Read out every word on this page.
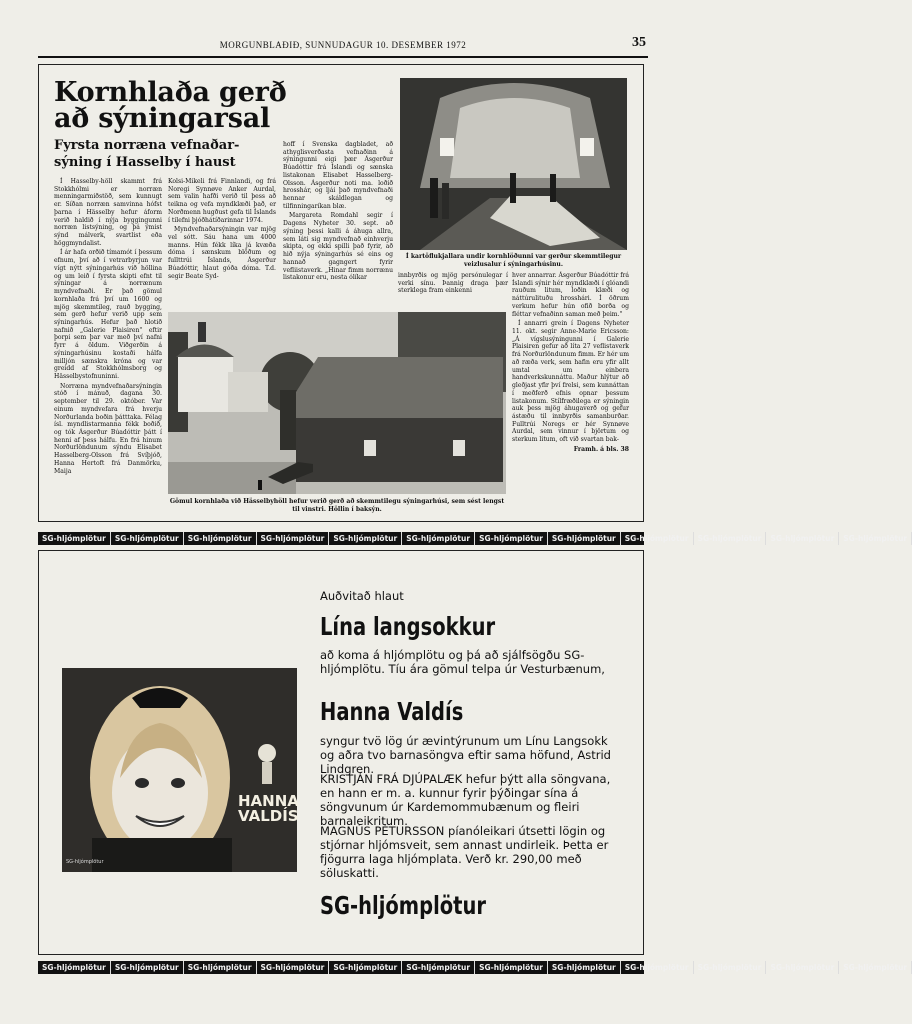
MORGUNBLAÐIÐ, SUNNUDAGUR 10. DESEMBER 1972	35
Kornhlaða gerð
að sýningarsal
Fyrsta norræna vefnaðar-sýning í Hasselby í haust

Í Hasselby-höll skammt frá Stokkhólmi er norræn menningarmiðstöð, sem kunnugt er. Síðan norræn samvinna hófst þarna í Hässelby hefur áform verið haldið í nýja byggingunni norræn listsýning, og þá ýmist sýnd málverk, svartlist eða höggmyndalist.

Í ár hafa orðið tímamót í þessum efnum, því að í vetrarbyrjun var vígt nýtt sýningarhús við höllina og um leið í fyrsta skipti efnt til sýningar á norrænum myndvefnaði. Er það gömul kornhlaða frá því um 1600 og mjög skemmtileg, rauð bygging, sem gerð hefur verið upp sem sýningarhús. Hefur það hlotið nafnið „Galerie Plaisiren" eftir þorpi sem þar var með því nafni fyrr á öldum. Viðgerðin á sýningarhúsinu kostaði hálfa milljón sænskra króna og var greidd af Stokkhólmsborg og Hässelbystofnuninni.

Norræna myndvefnaðarsýningin stóð í mánuð, dagana 30. september til 29. október. Var einum myndvefara frá hverju Norðurlanda boðin þátttaka. Félag ísl. myndlistarmanna fékk boðið, og tók Ásgerður Búadóttir þátt í henni af þess hálfu. En frá hinum Norðurlöndunum sýndu Elisabet Hasselberg-Olsson frá Svíþjóð, Hanna Hertoft frá Danmörku, Maija

Kolsi-Mikeli frá Finnlandi, og frá Noregi Synnøve Anker Aurdal, sem valin hafði verið til þess að teikna og vefa myndklæði það, er Norðmenn hugðust gefa til Íslands í tilefni þjóðhátíðarinnar 1974.

Myndvefnaðarsýningin var mjög vel sótt. Sáu hana um 4000 manns. Hún fékk líka já kvæða dóma í sænskum blöðum og fullttrúi Íslands, Ásgerður Búadóttir, hlaut góða dóma. T.d. segir Beate Syd-

hoff í Svenska dagbladet, að athyglisverðasta vefnaðinn á sýningunni eigi þær Ásgerður Búadóttir frá Íslandi og sænska listakonan Elisabet Hasselberg-Olsson. Ásgerður noti ma. loðið hrosshár, og ljái það myndvefnaði hennar skáldlegan og tilfinningaríkan blæ.

Margareta Romdahl segir í Dagens Nyheter 30. sept. að sýning þessi kalli á áhuga allra, sem láti sig myndvefnað einhverju skipta, og ekki spilli það fyrir, að hið nýja sýningarhús sé eins og hannað gagngert fyrir vefliistaverk. „Hinar fimm norrænu listakonur eru, nesta ólíkar	innbyrðis og mjög persónulegar í verki sínu. Þannig draga þær sterklega fram einkenni

hver annarrar. Ásgerður Búadóttir frá Íslandi sýnir hér myndklæði í glóandi rauðum litum, loðin klæði og náttúrulituðu hrosshári. Í öðrum verkum hefur hún ofið borða og fléttar vefnaðinn saman með þeim."

Í annarri grein í Dagens Nyheter 11. okt. segir Anne-Marie Ericsson: „Á vígslusýningunni í Galerie Plaisiren gefur að líta 27 veflistaverk frá Norðurlöndunum fimm. Er hér um að ræða verk, sem hafin eru yfir allt umtal um einbera handverkskunnáttu. Maður hlýtur að gleðjast yfir því frelsi, sem kunnáttan í meðferð efnis opnar þessum listakonum. Stílfræðilega er sýningin auk þess mjög áhugaverð og gefur ástæðu til innbyrðis samanburðar. Fulltrúi Noregs er hér Synnøve Aurdal, sem vinnur í björtum og sterkum litum, oft við svartan bak-

Framh. á bls. 38

Í kartöflukjallara undir kornhlöðunni var gerður skemmtilegur veizlusalur í sýningarhúsinu.
Gömul kornhlaða við Hässelbyhöll hefur verið gerð að skemmtilegu sýningarhúsi, sem sést lengst til vinstri. Höllin í baksýn.
SG-hljómplötur SG-hljómplötur SG-hljómplötur SG-hljómplötur SG-hljómplötur SG-hljómplötur SG-hljómplötur SG-hljómplötur SG-hljómplötur SG-hljómplötur SG-hljómplötur SG-hljómplötur
Auðvitað hlaut
Lína langsokkur
að koma á hljómplötu og þá að sjálfsögðu SG-hljómplötu. Tíu ára gömul telpa úr Vesturbænum,
Hanna Valdís
syngur tvö lög úr ævintýrunum um Línu Langsokk og aðra tvo barnasöngva eftir sama höfund, Astrid Lindgren.
KRISTJÁN FRÁ DJÚPALÆK hefur þýtt alla söngvana, en hann er m. a. kunnur fyrir þýðingar sína á söngvunum úr Kardemommubænum og fleiri barnaleikritum.
MAGNÚS PÉTURSSON píanóleikari útsetti lögin og stjórnar hljómsveit, sem annast undirleik. Þetta er fjögurra laga hljómplata. Verð kr. 290,00 með söluskatti.
SG-hljómplötur
HANNA
VALDÍS
SG-hljómplötur
SG-hljómplötur SG-hljómplötur SG-hljómplötur SG-hljómplötur SG-hljómplötur SG-hljómplötur SG-hljómplötur SG-hljómplötur SG-hljómplötur SG-hljómplötur SG-hljómplötur SG-hljómplötur
